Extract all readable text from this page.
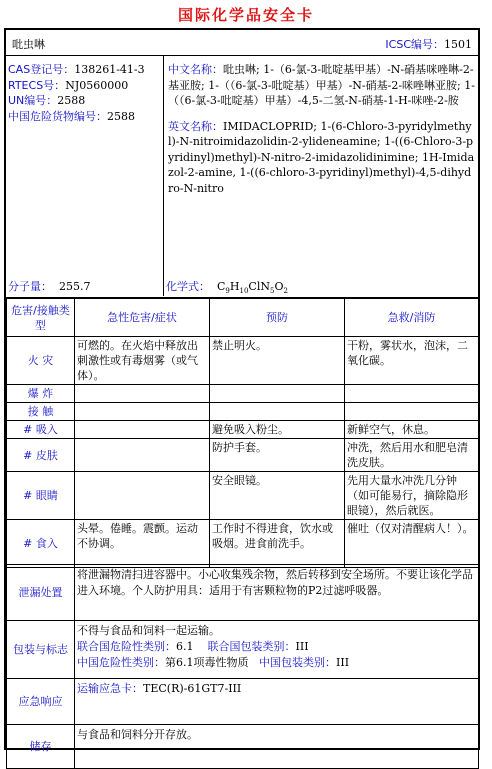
国际化学品安全卡
吡虫啉	ICSC编号：1501
CAS登记号：138261-41-3
RTECS号：NJ0560000
UN编号：2588
中国危险货物编号：2588
中文名称：吡虫啉; 1-（6-氯-3-吡啶基甲基）-N-硝基咪唑啉-2-基亚胺; 1-（（6-氯-3-吡啶基）甲基）-N-硝基-2-咪唑啉亚胺; 1-（（6-氯-3-吡啶基）甲基）-4,5-二氢-N-硝基-1-H-咪唑-2-胺
英文名称：IMIDACLOPRID; 1-(6-Chloro-3-pyridylmethyl)-N-nitroimidazolidin-2-ylideneamine; 1-((6-Chloro-3-pyridinyl)methyl)-N-nitro-2-imidazolidinimine; 1H-Imidazol-2-amine, 1-((6-chloro-3-pyridinyl)methyl)-4,5-dihydro-N-nitro
分子量： 255.7	化学式： $C_9H_{10}ClN_5O_2$
危害/接触类型	急性危害/症状	预防	急救/消防
火 灾	可燃的。在火焰中释放出刺激性或有毒烟雾（或气体）。	禁止明火。	干粉，雾状水，泡沫，二氧化碳。
爆 炸			
接 触			
# 吸入		避免吸入粉尘。	新鲜空气，休息。
# 皮肤		防护手套。	冲洗，然后用水和肥皂清洗皮肤。
# 眼睛		安全眼镜。	先用大量水冲洗几分钟（如可能易行，摘除隐形眼镜），然后就医。
# 食入	头晕。倦睡。震颤。运动不协调。	工作时不得进食，饮水或吸烟。进食前洗手。	催吐（仅对清醒病人！）。
泄漏处置	将泄漏物清扫进容器中。小心收集残余物，然后转移到安全场所。不要让该化学品进入环境。个人防护用具：适用于有害颗粒物的P2过滤呼吸器。
包装与标志	不得与食品和饲料一起运输。
联合国危险性类别：6.1 联合国包装类别：III
中国危险性类别：第6.1项毒性物质 中国包装类别：III

应急响应	运输应急卡：TEC(R)-61GT7-III
储存	与食品和饲料分开存放。
